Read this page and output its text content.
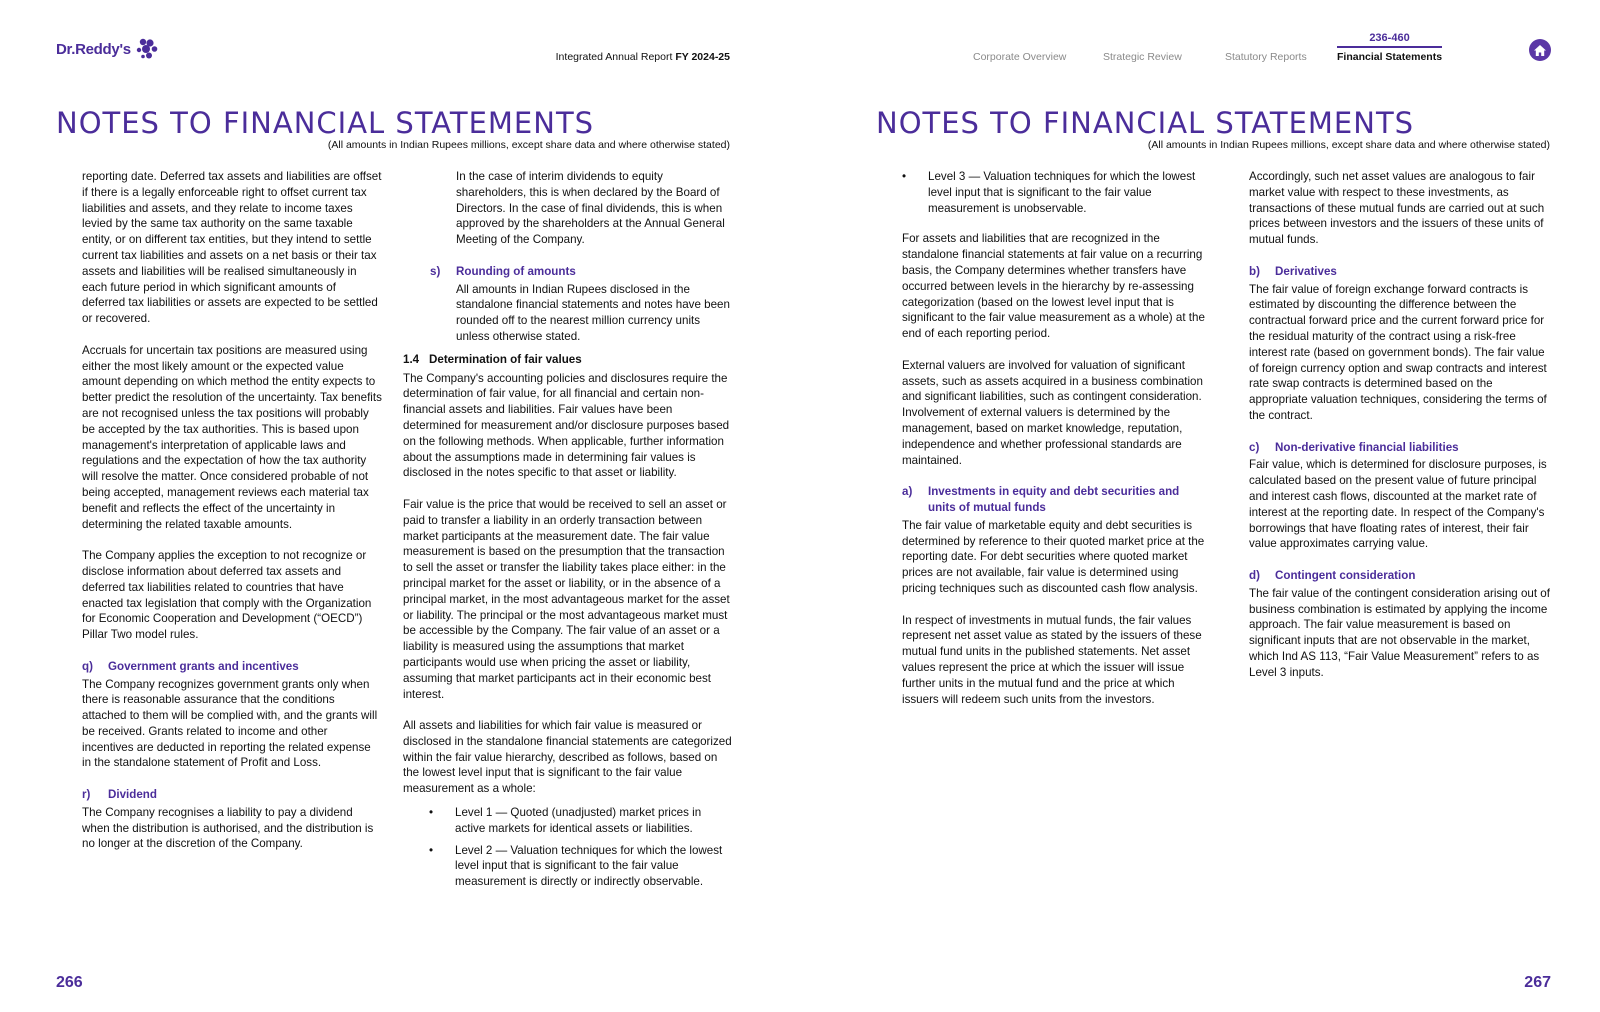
Dr.Reddy's	Integrated Annual Report FY 2024-25	Corporate Overview	Strategic Review	Statutory Reports	Financial Statements
236-460
NOTES TO FINANCIAL STATEMENTS
(All amounts in Indian Rupees millions, except share data and where otherwise stated)

reporting date. Deferred tax assets and liabilities are offset if there is a legally enforceable right to offset current tax liabilities and assets, and they relate to income taxes levied by the same tax authority on the same taxable entity, or on different tax entities, but they intend to settle current tax liabilities and assets on a net basis or their tax assets and liabilities will be realised simultaneously in each future period in which significant amounts of deferred tax liabilities or assets are expected to be settled or recovered.

Accruals for uncertain tax positions are measured using either the most likely amount or the expected value amount depending on which method the entity expects to better predict the resolution of the uncertainty. Tax benefits are not recognised unless the tax positions will probably be accepted by the tax authorities. This is based upon management's interpretation of applicable laws and regulations and the expectation of how the tax authority will resolve the matter. Once considered probable of not being accepted, management reviews each material tax benefit and reflects the effect of the uncertainty in determining the related taxable amounts.

The Company applies the exception to not recognize or disclose information about deferred tax assets and deferred tax liabilities related to countries that have enacted tax legislation that comply with the Organization for Economic Cooperation and Development (“OECD”) Pillar Two model rules.

q)	Government grants and incentives

The Company recognizes government grants only when there is reasonable assurance that the conditions attached to them will be complied with, and the grants will be received. Grants related to income and other incentives are deducted in reporting the related expense in the standalone statement of Profit and Loss.

r)	Dividend

The Company recognises a liability to pay a dividend when the distribution is authorised, and the distribution is no longer at the discretion of the Company.

In the case of interim dividends to equity shareholders, this is when declared by the Board of Directors. In the case of final dividends, this is when approved by the shareholders at the Annual General Meeting of the Company.

s)	Rounding of amounts

All amounts in Indian Rupees disclosed in the standalone financial statements and notes have been rounded off to the nearest million currency units unless otherwise stated.

1.4 Determination of fair values

The Company's accounting policies and disclosures require the determination of fair value, for all financial and certain non-financial assets and liabilities. Fair values have been determined for measurement and/or disclosure purposes based on the following methods. When applicable, further information about the assumptions made in determining fair values is disclosed in the notes specific to that asset or liability.

Fair value is the price that would be received to sell an asset or paid to transfer a liability in an orderly transaction between market participants at the measurement date. The fair value measurement is based on the presumption that the transaction to sell the asset or transfer the liability takes place either: in the principal market for the asset or liability, or in the absence of a principal market, in the most advantageous market for the asset or liability. The principal or the most advantageous market must be accessible by the Company. The fair value of an asset or a liability is measured using the assumptions that market participants would use when pricing the asset or liability, assuming that market participants act in their economic best interest.

All assets and liabilities for which fair value is measured or disclosed in the standalone financial statements are categorized within the fair value hierarchy, described as follows, based on the lowest level input that is significant to the fair value measurement as a whole:

•	Level 1 — Quoted (unadjusted) market prices in active markets for identical assets or liabilities.
•	Level 2 — Valuation techniques for which the lowest level input that is significant to the fair value measurement is directly or indirectly observable.
266
NOTES TO FINANCIAL STATEMENTS
(All amounts in Indian Rupees millions, except share data and where otherwise stated)
•	Level 3 — Valuation techniques for which the lowest level input that is significant to the fair value measurement is unobservable.

For assets and liabilities that are recognized in the standalone financial statements at fair value on a recurring basis, the Company determines whether transfers have occurred between levels in the hierarchy by re-assessing categorization (based on the lowest level input that is significant to the fair value measurement as a whole) at the end of each reporting period.

External valuers are involved for valuation of significant assets, such as assets acquired in a business combination and significant liabilities, such as contingent consideration. Involvement of external valuers is determined by the management, based on market knowledge, reputation, independence and whether professional standards are maintained.

a)	Investments in equity and debt securities and units of mutual funds

The fair value of marketable equity and debt securities is determined by reference to their quoted market price at the reporting date. For debt securities where quoted market prices are not available, fair value is determined using pricing techniques such as discounted cash flow analysis.

In respect of investments in mutual funds, the fair values represent net asset value as stated by the issuers of these mutual fund units in the published statements. Net asset values represent the price at which the issuer will issue further units in the mutual fund and the price at which issuers will redeem such units from the investors.

Accordingly, such net asset values are analogous to fair market value with respect to these investments, as transactions of these mutual funds are carried out at such prices between investors and the issuers of these units of mutual funds.

b)	Derivatives

The fair value of foreign exchange forward contracts is estimated by discounting the difference between the contractual forward price and the current forward price for the residual maturity of the contract using a risk-free interest rate (based on government bonds). The fair value of foreign currency option and swap contracts and interest rate swap contracts is determined based on the appropriate valuation techniques, considering the terms of the contract.

c)	Non-derivative financial liabilities

Fair value, which is determined for disclosure purposes, is calculated based on the present value of future principal and interest cash flows, discounted at the market rate of interest at the reporting date. In respect of the Company's borrowings that have floating rates of interest, their fair value approximates carrying value.

d)	Contingent consideration

The fair value of the contingent consideration arising out of business combination is estimated by applying the income approach. The fair value measurement is based on significant inputs that are not observable in the market, which Ind AS 113, “Fair Value Measurement” refers to as Level 3 inputs.

267
